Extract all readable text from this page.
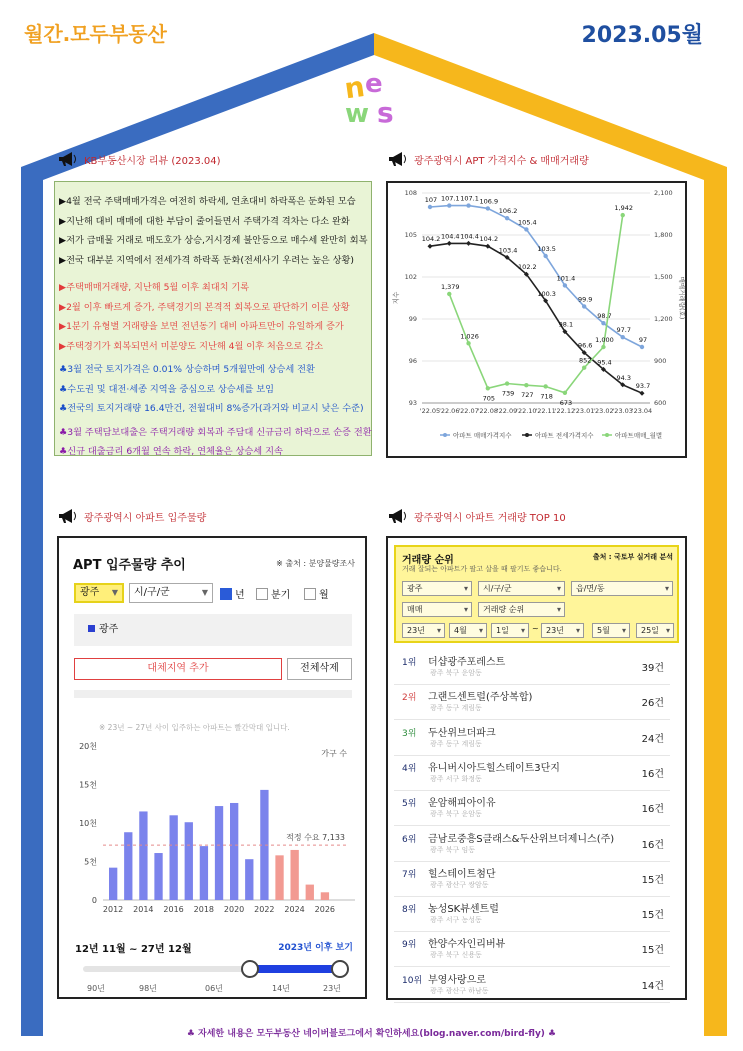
월간.모두부동산	2023.05월
n
e
w s
KB부동산시장 리뷰 (2023.04)	광주광역시 APT 가격지수 & 매매거래량
광주광역시 아파트 입주물량	광주광역시 아파트 거래량 TOP 10
▶4월 전국 주택매매가격은 여전히 하락세, 연초대비 하락폭은 둔화된 모습
▶지난해 대비 매매에 대한 부담이 줄어들면서 주택가격 격차는 다소 완화
▶저가 급매물 거래로 매도호가 상승,거시경제 불안등으로 매수세 완만히 회복
▶전국 대부분 지역에서 전세가격 하락폭 둔화(전세사기 우려는 높은 상황)
▶주택매매거래량, 지난해 5월 이후 최대치 기록
▶2월 이후 빠르게 증가, 주택경기의 본격적 회복으로 판단하기 이른 상황
▶1분기 유형별 거래량을 보면 전년동기 대비 아파트만이 유일하게 증가
▶주택경기가 회복되면서 미분양도 지난해 4월 이후 처음으로 감소
♣3월 전국 토지가격은 0.01% 상승하며 5개월만에 상승세 전환
♣수도권 및 대전·세종 지역을 중심으로 상승세를 보임
♣전국의 토지거래량 16.4만건, 전월대비 8%증가(과거와 비교시 낮은 수준)
♣3월 주택담보대출은 주택거래량 회복과 주담대 신규금리 하락으로 순증 전환
♣신규 대출금리 6개월 연속 하락, 연체율은 상승세 지속
93
96
99
102
105
108
600
900
1,200
1,500
1,800
2,100
'22.05
'22.06
'22.07
'22.08
'22.09
'22.10
'22.11
'22.12
'23.01
'23.02
'23.03
'23.04
지수	매매거래량(호)
107 107.1 107.1 106.9
106.2
105.4
103.5
101.4
99.9
98.7
97.7
97
104.2 104.4 104.4 104.2
103.4
102.2
100.3
98.1
96.6
95.4
94.3
93.7
1,379
1,026
705
739 727 718
673
852
1,000
1,942
아파트 매매가격지수	아파트 전세가격지수	아파트매매_월별
APT 입주물량 추이	※ 출처 : 분양물량조사
광주 ▼	시/구/군	▼	년	분기	월
광주
대체지역 추가	전체삭제
※ 23년 ~ 27년 사이 입주하는 아파트는 빨간막대 입니다.
0
5천
10천
15천
20천
가구 수
2012 2014 2016 2018 2020 2022 2024 2026
적정 수요 7,133
12년 11월 ~ 27년 12월	2023년 이후 보기
90년	98년	06년	14년	23년
거래량 순위	출처 : 국토부 실거래 분석
거래 잘되는 아파트가 팔고 살을 때 팔기도 좋습니다.
광주 ▾	시/구/군 ▾	읍/면/동 ▾
매매 ▾	거래량 순위 ▾
23년 ▾	4월 ▾	1일 ▾	~ 23년 ▾	5월 ▾	25일 ▾
1위 더샵광주포레스트
광주 북구 운암동	39건
2위 그랜드센트럴(주상복합)
광주 동구 계림동	26건
3위 두산위브더파크
광주 동구 계림동	24건
4위 유니버시아드힐스테이트3단지
광주 서구 화정동	16건
5위 운암해피아이유
광주 북구 운암동	16건
6위 금남로중흥S클래스&두산위브더제니스(주)
광주 북구 임동	16건
7위 힐스테이트첨단
광주 광산구 쌍암동	15건
8위 농성SK뷰센트럴
광주 서구 농성동	15건
9위 한양수자인리버뷰
광주 북구 신용동	15건
10위 부영사랑으로
광주 광산구 하남동	14건
♣ 자세한 내용은 모두부동산 네이버블로그에서 확인하세요(blog.naver.com/bird-fly) ♣
